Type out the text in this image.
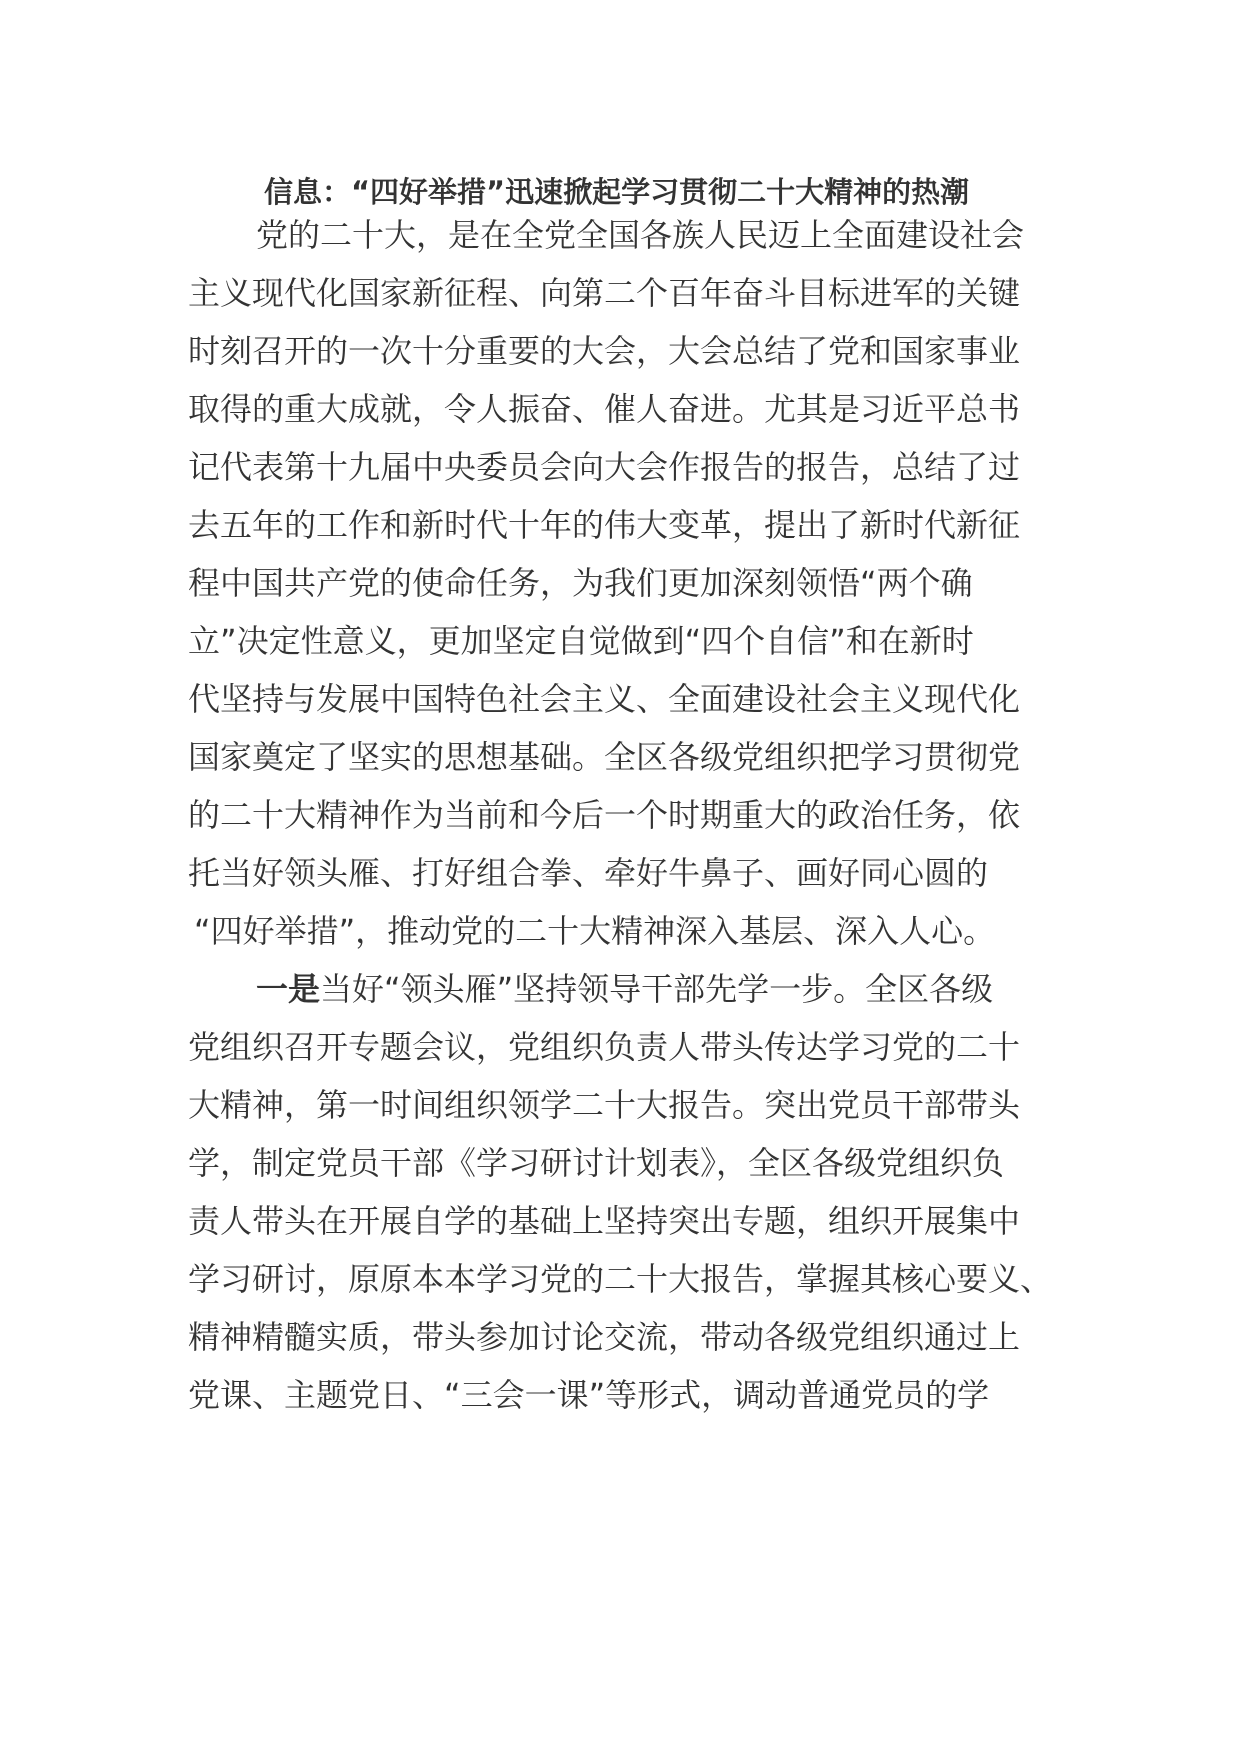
信息：“四好举措”迅速掀起学习贯彻二十大精神的热潮

党的二十大，是在全党全国各族人民迈上全面建设社会

主义现代化国家新征程、向第二个百年奋斗目标进军的关键

时刻召开的一次十分重要的大会，大会总结了党和国家事业

取得的重大成就，令人振奋、催人奋进。尤其是习近平总书

记代表第十九届中央委员会向大会作报告的报告，总结了过

去五年的工作和新时代十年的伟大变革，提出了新时代新征

程中国共产党的使命任务，为我们更加深刻领悟“两个确

立”决定性意义，更加坚定自觉做到“四个自信”和在新时

代坚持与发展中国特色社会主义、全面建设社会主义现代化

国家奠定了坚实的思想基础。全区各级党组织把学习贯彻党

的二十大精神作为当前和今后一个时期重大的政治任务，依

托当好领头雁、打好组合拳、牵好牛鼻子、画好同心圆的

“四好举措”，推动党的二十大精神深入基层、深入人心。

一是当好“领头雁”坚持领导干部先学一步。全区各级

党组织召开专题会议，党组织负责人带头传达学习党的二十

大精神，第一时间组织领学二十大报告。突出党员干部带头

学，制定党员干部《学习研讨计划表》，全区各级党组织负

责人带头在开展自学的基础上坚持突出专题，组织开展集中

学习研讨，原原本本学习党的二十大报告，掌握其核心要义、

精神精髓实质，带头参加讨论交流，带动各级党组织通过上

党课、主题党日、“三会一课”等形式，调动普通党员的学
